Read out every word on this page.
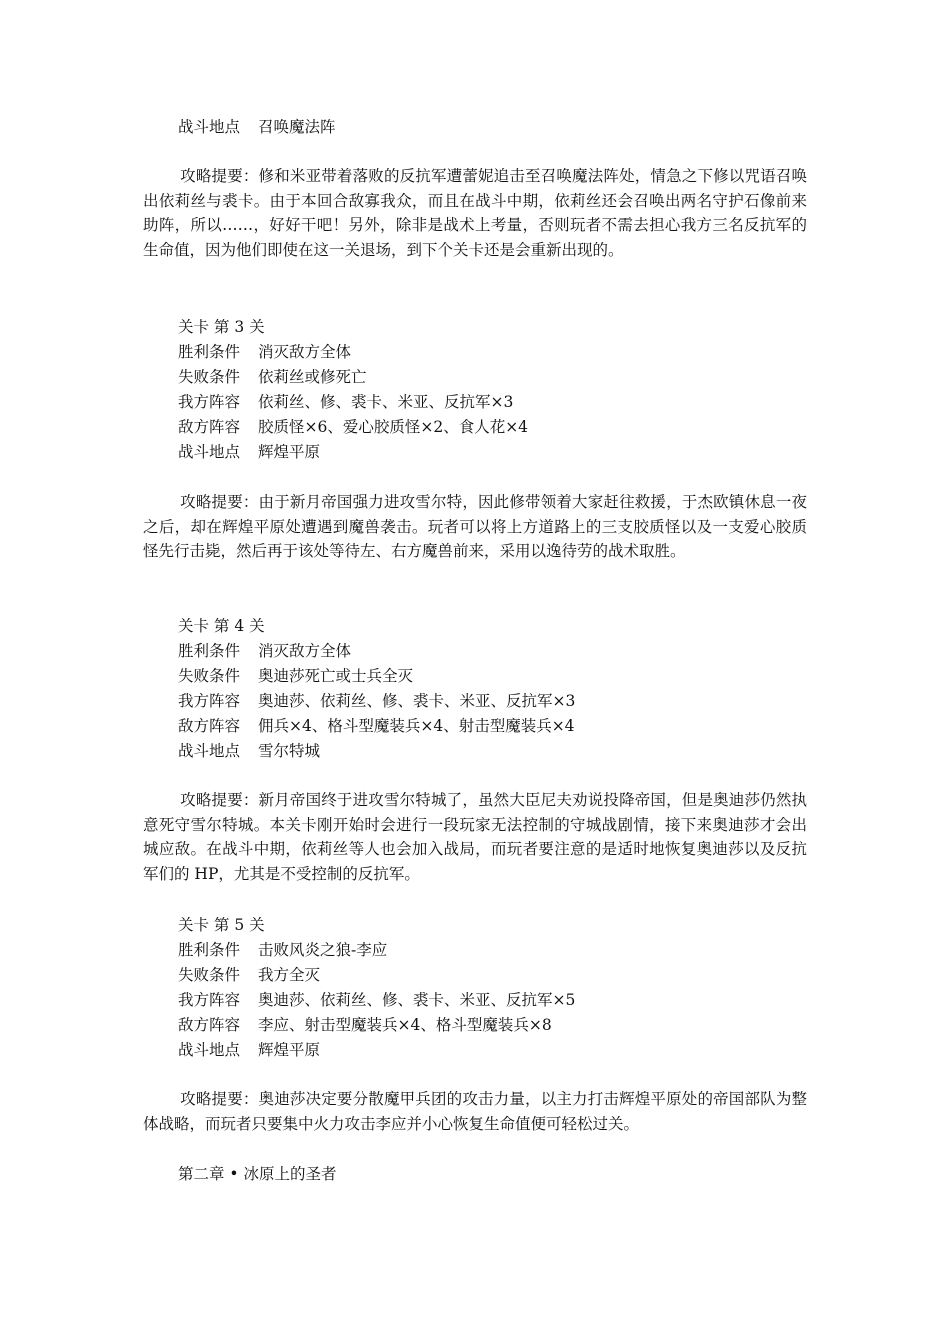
战斗地点 召唤魔法阵
攻略提要：修和米亚带着落败的反抗军遭蕾妮追击至召唤魔法阵处，情急之下修以咒语召唤出依莉丝与裘卡。由于本回合敌寡我众，而且在战斗中期，依莉丝还会召唤出两名守护石像前来助阵，所以……，好好干吧！另外，除非是战术上考量，否则玩者不需去担心我方三名反抗军的生命值，因为他们即使在这一关退场，到下个关卡还是会重新出现的。
关卡 第 3 关
胜利条件 消灭敌方全体
失败条件 依莉丝或修死亡
我方阵容 依莉丝、修、裘卡、米亚、反抗军×3
敌方阵容 胶质怪×6、爱心胶质怪×2、食人花×4
战斗地点 辉煌平原
攻略提要：由于新月帝国强力进攻雪尔特，因此修带领着大家赶往救援，于杰欧镇休息一夜之后，却在辉煌平原处遭遇到魔兽袭击。玩者可以将上方道路上的三支胶质怪以及一支爱心胶质怪先行击毙，然后再于该处等待左、右方魔兽前来，采用以逸待劳的战术取胜。
关卡 第 4 关
胜利条件 消灭敌方全体
失败条件 奥迪莎死亡或士兵全灭
我方阵容 奥迪莎、依莉丝、修、裘卡、米亚、反抗军×3
敌方阵容 佣兵×4、格斗型魔装兵×4、射击型魔装兵×4
战斗地点 雪尔特城
攻略提要：新月帝国终于进攻雪尔特城了，虽然大臣尼夫劝说投降帝国，但是奥迪莎仍然执意死守雪尔特城。本关卡刚开始时会进行一段玩家无法控制的守城战剧情，接下来奥迪莎才会出城应敌。在战斗中期，依莉丝等人也会加入战局，而玩者要注意的是适时地恢复奥迪莎以及反抗军们的 HP，尤其是不受控制的反抗军。
关卡 第 5 关
胜利条件 击败风炎之狼-李应
失败条件 我方全灭
我方阵容 奥迪莎、依莉丝、修、裘卡、米亚、反抗军×5
敌方阵容 李应、射击型魔装兵×4、格斗型魔装兵×8
战斗地点 辉煌平原
攻略提要：奥迪莎决定要分散魔甲兵团的攻击力量，以主力打击辉煌平原处的帝国部队为整体战略，而玩者只要集中火力攻击李应并小心恢复生命值便可轻松过关。
第二章 • 冰原上的圣者
